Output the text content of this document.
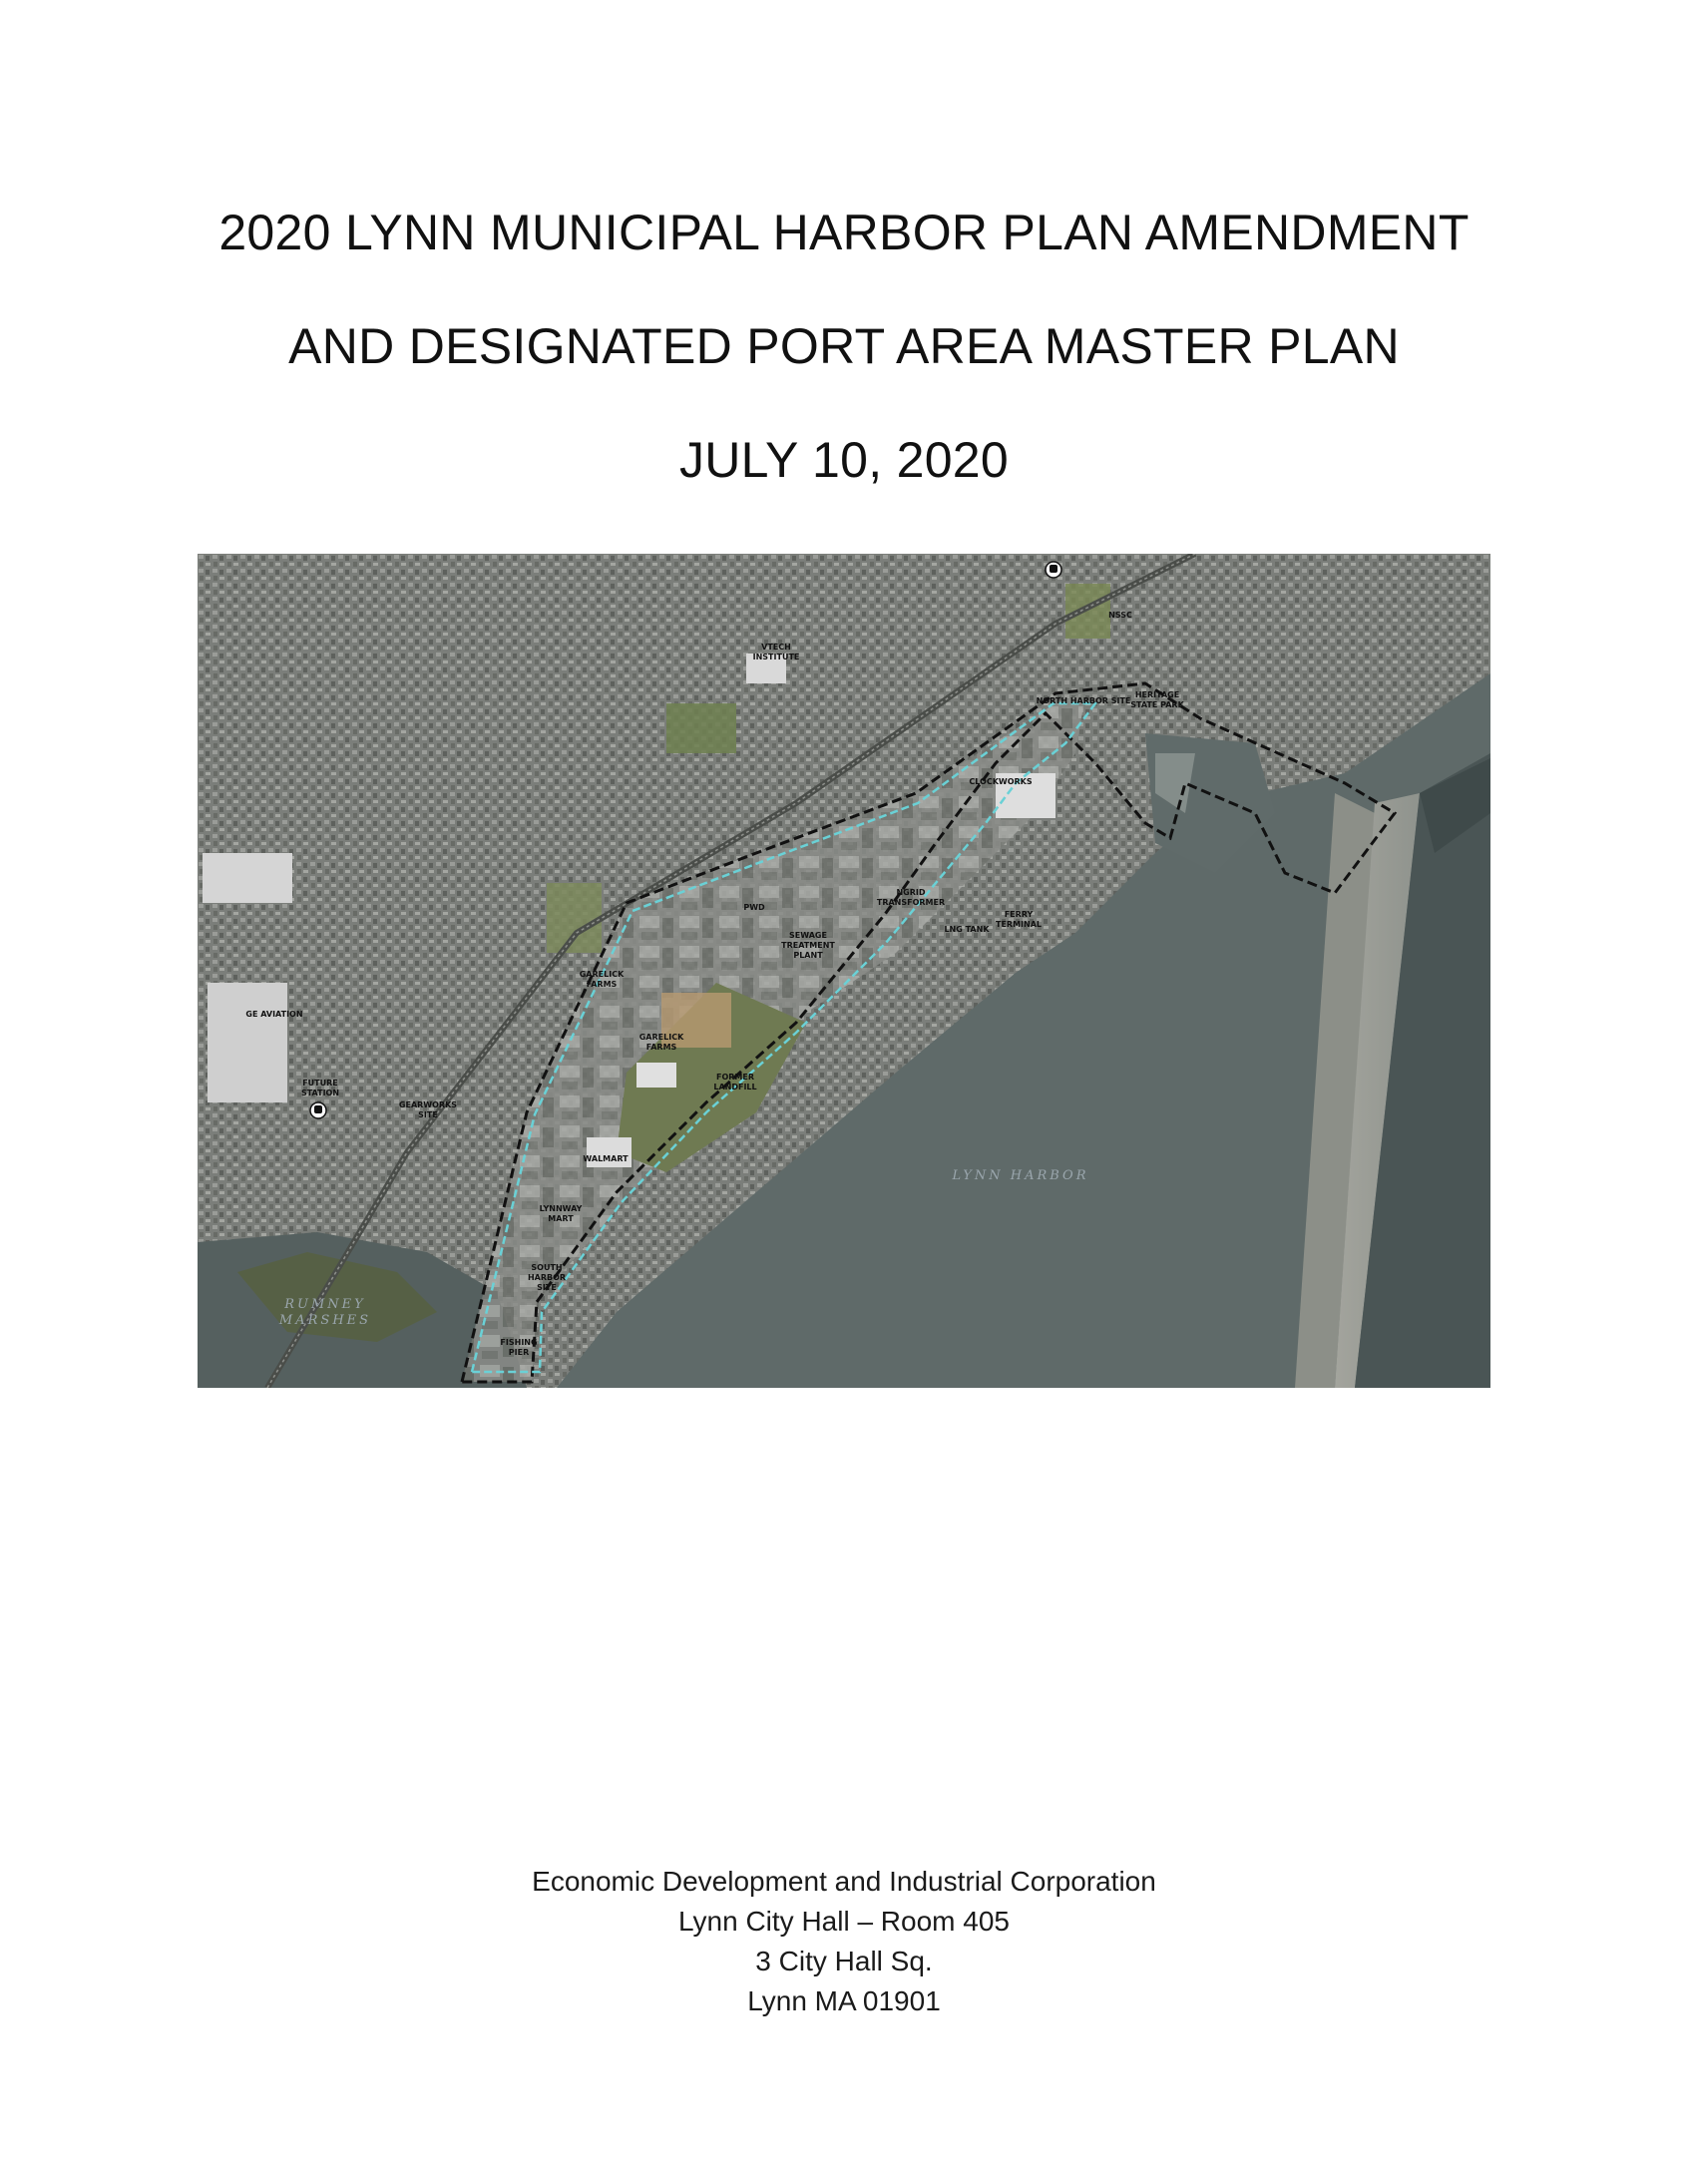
2020 LYNN MUNICIPAL HARBOR PLAN AMENDMENT
AND DESIGNATED PORT AREA MASTER PLAN
JULY 10, 2020
LYNN HARBOR
RUMNEY
MARSHES
VTECH
INSTITUTE
NSSC
NORTH HARBOR SITE
HERITAGE
STATE PARK
CLOCKWORKS
PWD
SEWAGE
TREATMENT
PLANT
NGRID
TRANSFORMER
LNG TANK
FERRY
TERMINAL
GARELICK
FARMS
GARELICK
FARMS
FORMER
LANDFILL
GE AVIATION
FUTURE
STATION
GEARWORKS
SITE
WALMART
LYNNWAY
MART
SOUTH
HARBOR
SITE
FISHING
PIER
Economic Development and Industrial Corporation
Lynn City Hall – Room 405
3 City Hall Sq.
Lynn MA 01901
